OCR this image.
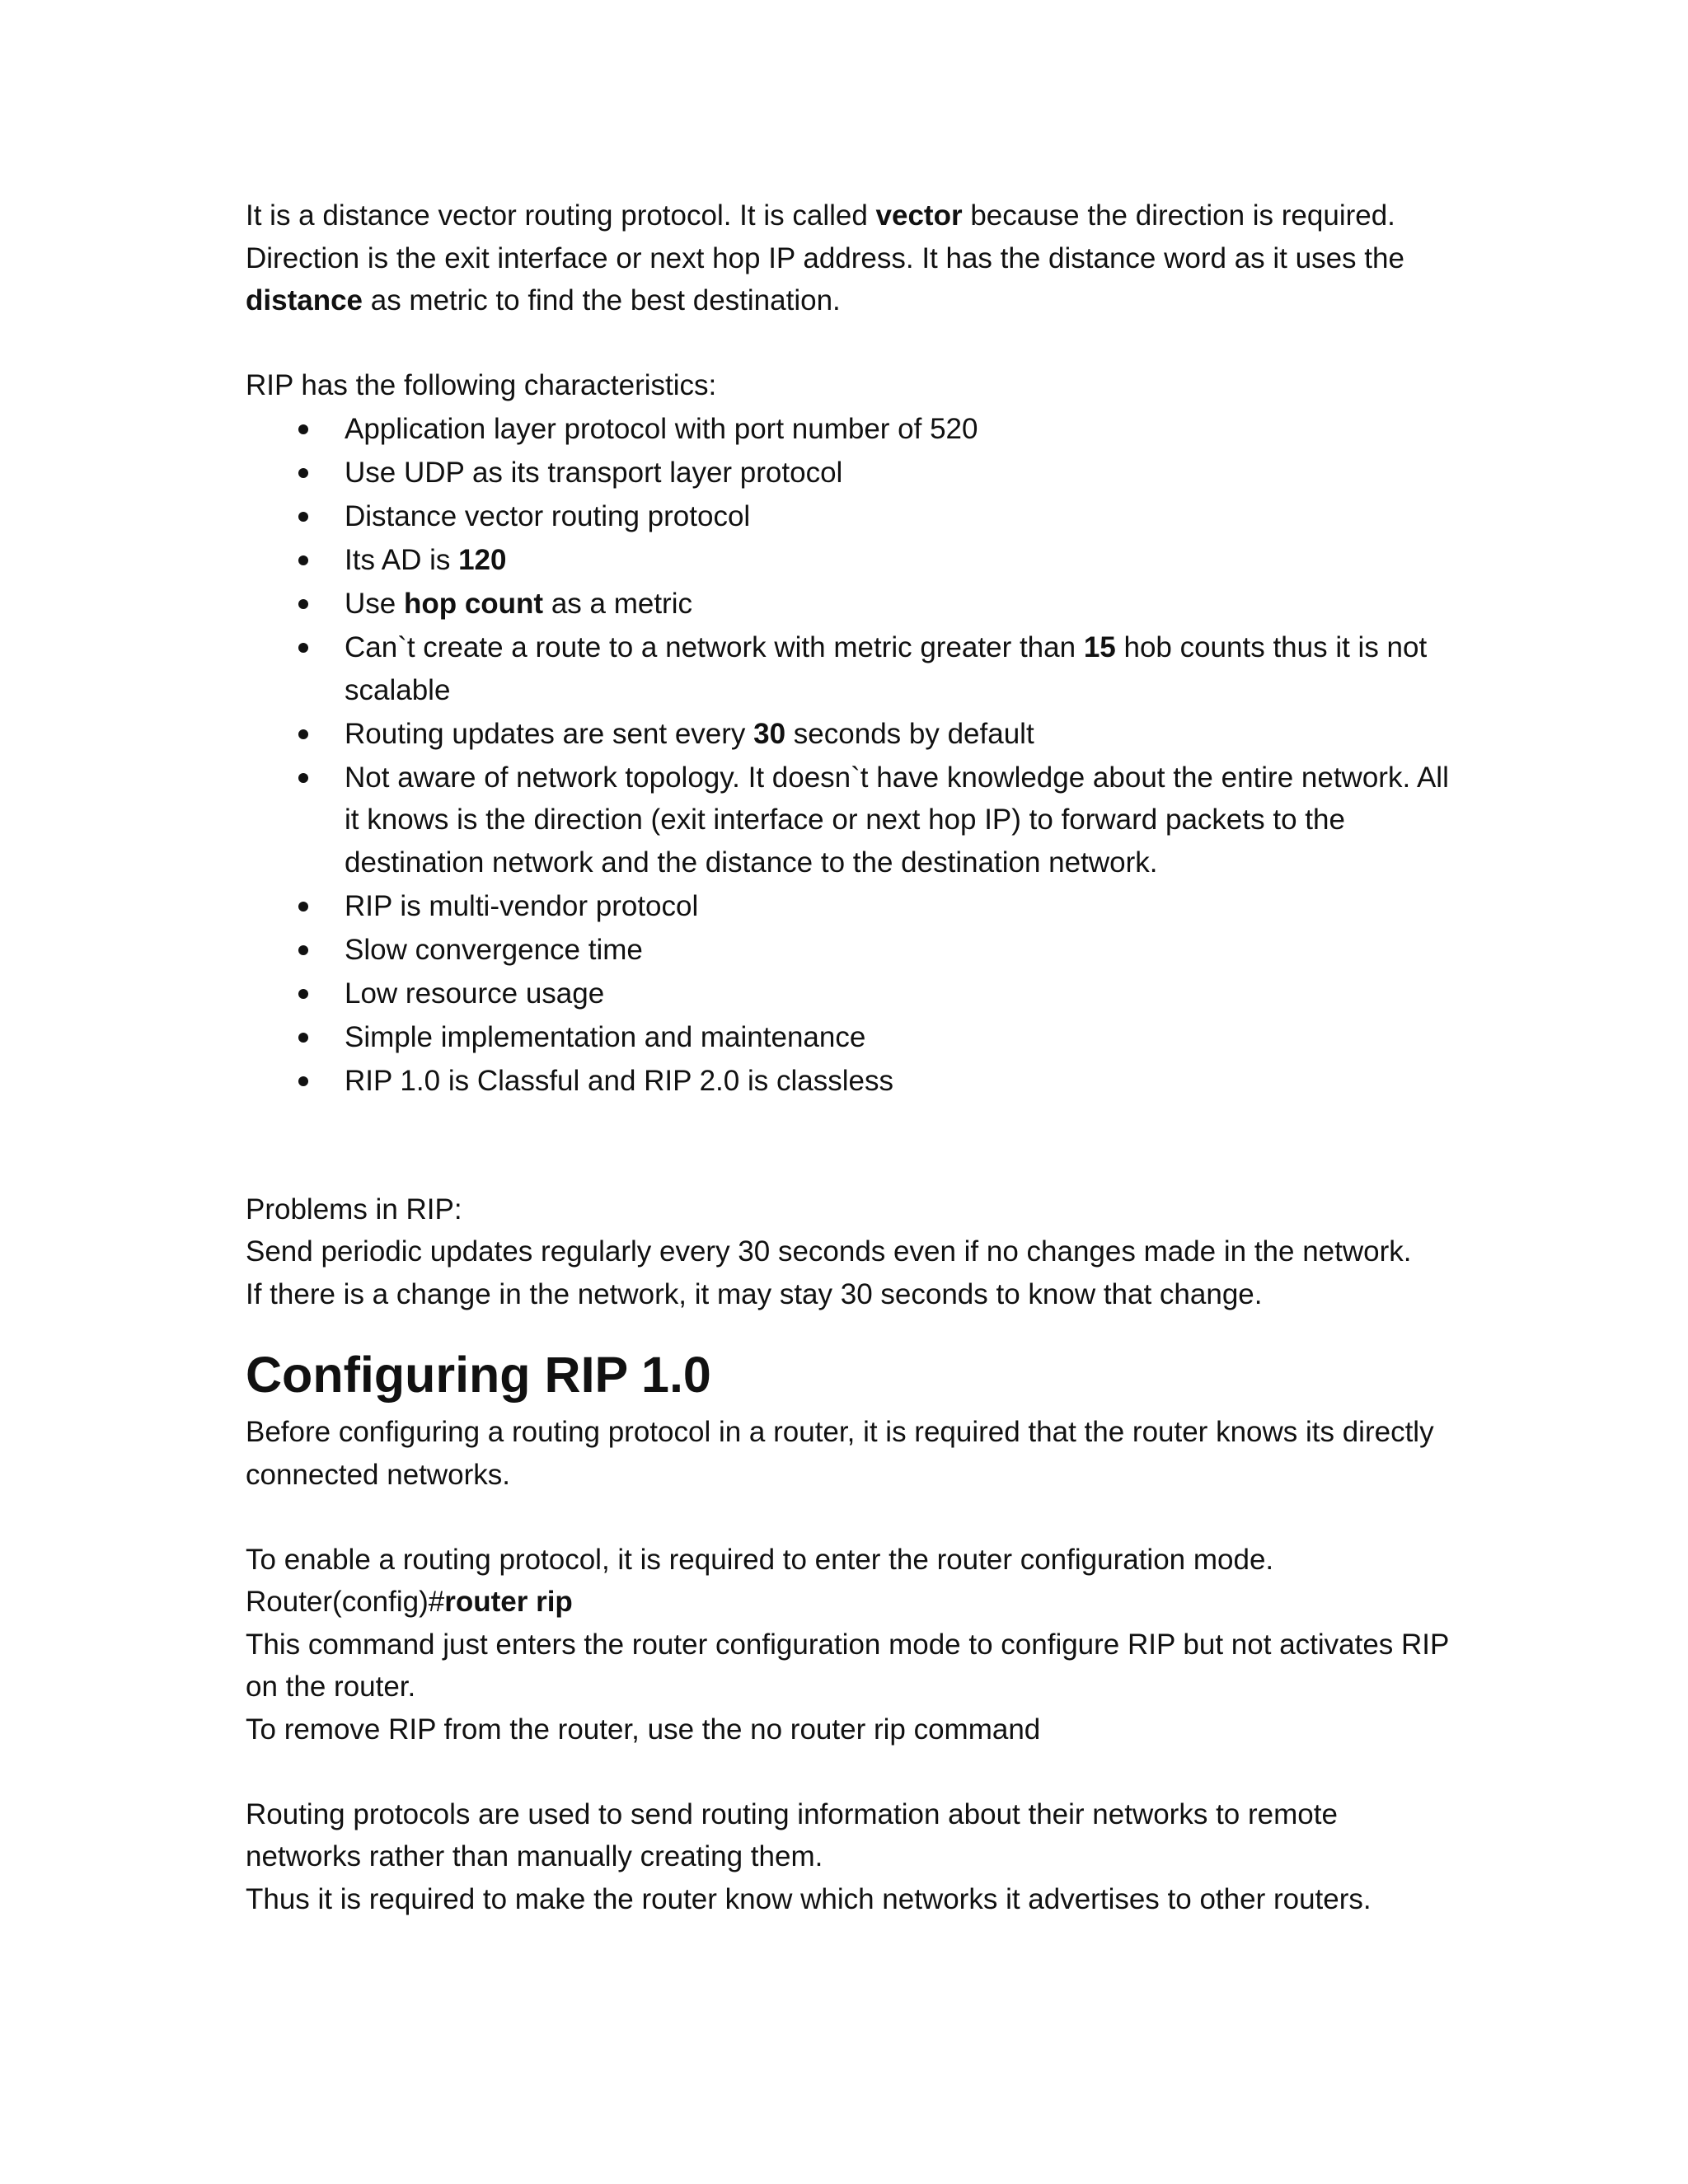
It is a distance vector routing protocol. It is called vector because the direction is required. Direction is the exit interface or next hop IP address. It has the distance word as it uses the distance as metric to find the best destination.

RIP has the following characteristics:

Application layer protocol with port number of 520
Use UDP as its transport layer protocol
Distance vector routing protocol
Its AD is 120
Use hop count as a metric
Can`t create a route to a network with metric greater than 15 hob counts thus it is not scalable
Routing updates are sent every 30 seconds by default
Not aware of network topology. It doesn`t have knowledge about the entire network. All it knows is the direction (exit interface or next hop IP) to forward packets to the destination network and the distance to the destination network.
RIP is multi-vendor protocol
Slow convergence time
Low resource usage
Simple implementation and maintenance
RIP 1.0 is Classful and RIP 2.0 is classless

Problems in RIP:

Send periodic updates regularly every 30 seconds even if no changes made in the network.

If there is a change in the network, it may stay 30 seconds to know that change.

Configuring RIP 1.0

Before configuring a routing protocol in a router, it is required that the router knows its directly connected networks.

To enable a routing protocol, it is required to enter the router configuration mode.

Router(config)#router rip

This command just enters the router configuration mode to configure RIP but not activates RIP on the router.

To remove RIP from the router, use the no router rip command

Routing protocols are used to send routing information about their networks to remote networks rather than manually creating them.

Thus it is required to make the router know which networks it advertises to other routers.
